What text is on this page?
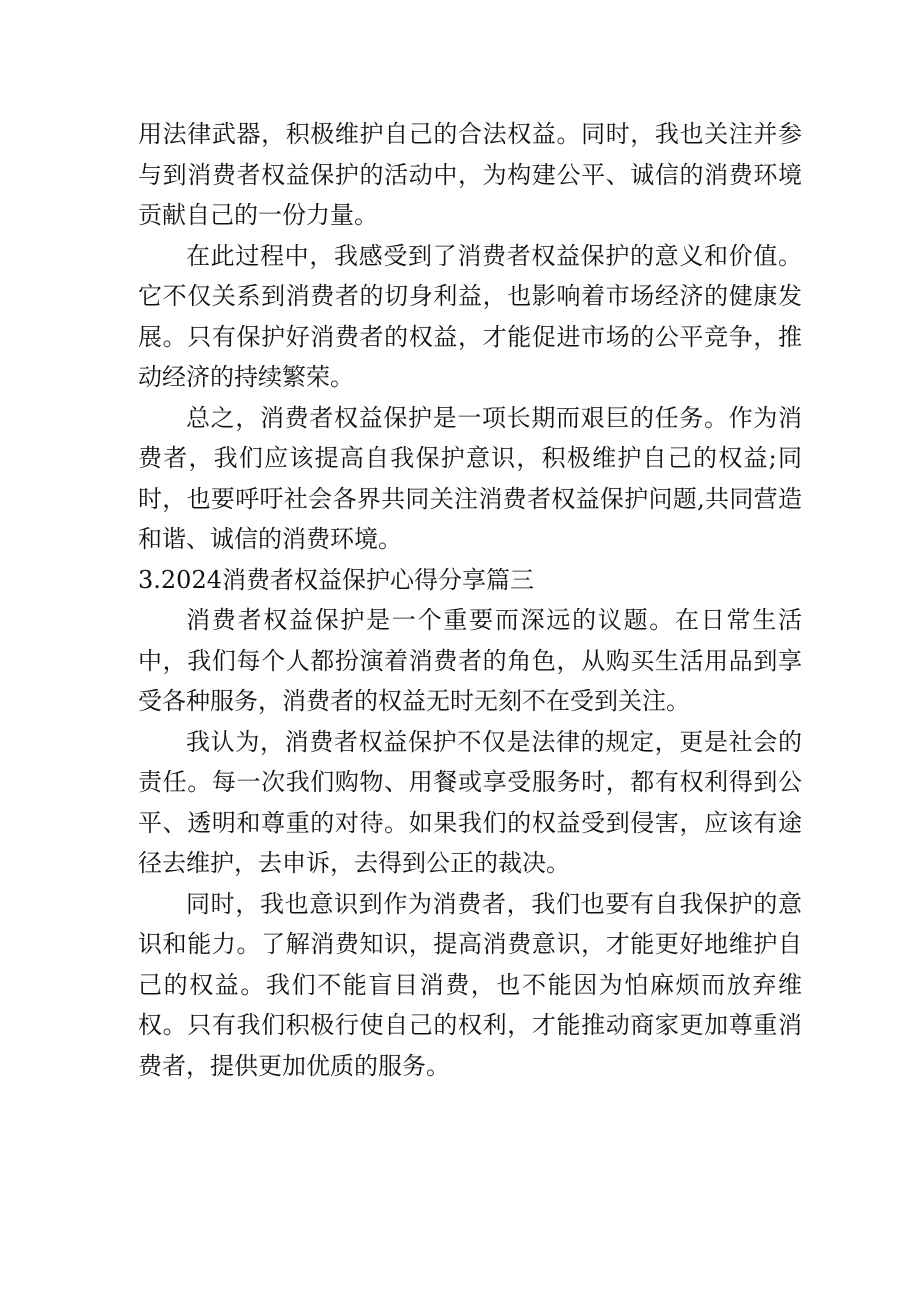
用法律武器，积极维护自己的合法权益。同时，我也关注并参与到消费者权益保护的活动中，为构建公平、诚信的消费环境贡献自己的一份力量。

在此过程中，我感受到了消费者权益保护的意义和价值。它不仅关系到消费者的切身利益，也影响着市场经济的健康发展。只有保护好消费者的权益，才能促进市场的公平竞争，推动经济的持续繁荣。

总之，消费者权益保护是一项长期而艰巨的任务。作为消费者，我们应该提高自我保护意识，积极维护自己的权益;同时，也要呼吁社会各界共同关注消费者权益保护问题,共同营造和谐、诚信的消费环境。

3.2024消费者权益保护心得分享篇三

消费者权益保护是一个重要而深远的议题。在日常生活中，我们每个人都扮演着消费者的角色，从购买生活用品到享受各种服务，消费者的权益无时无刻不在受到关注。

我认为，消费者权益保护不仅是法律的规定，更是社会的责任。每一次我们购物、用餐或享受服务时，都有权利得到公平、透明和尊重的对待。如果我们的权益受到侵害，应该有途径去维护，去申诉，去得到公正的裁决。

同时，我也意识到作为消费者，我们也要有自我保护的意识和能力。了解消费知识，提高消费意识，才能更好地维护自己的权益。我们不能盲目消费，也不能因为怕麻烦而放弃维权。只有我们积极行使自己的权利，才能推动商家更加尊重消费者，提供更加优质的服务。
